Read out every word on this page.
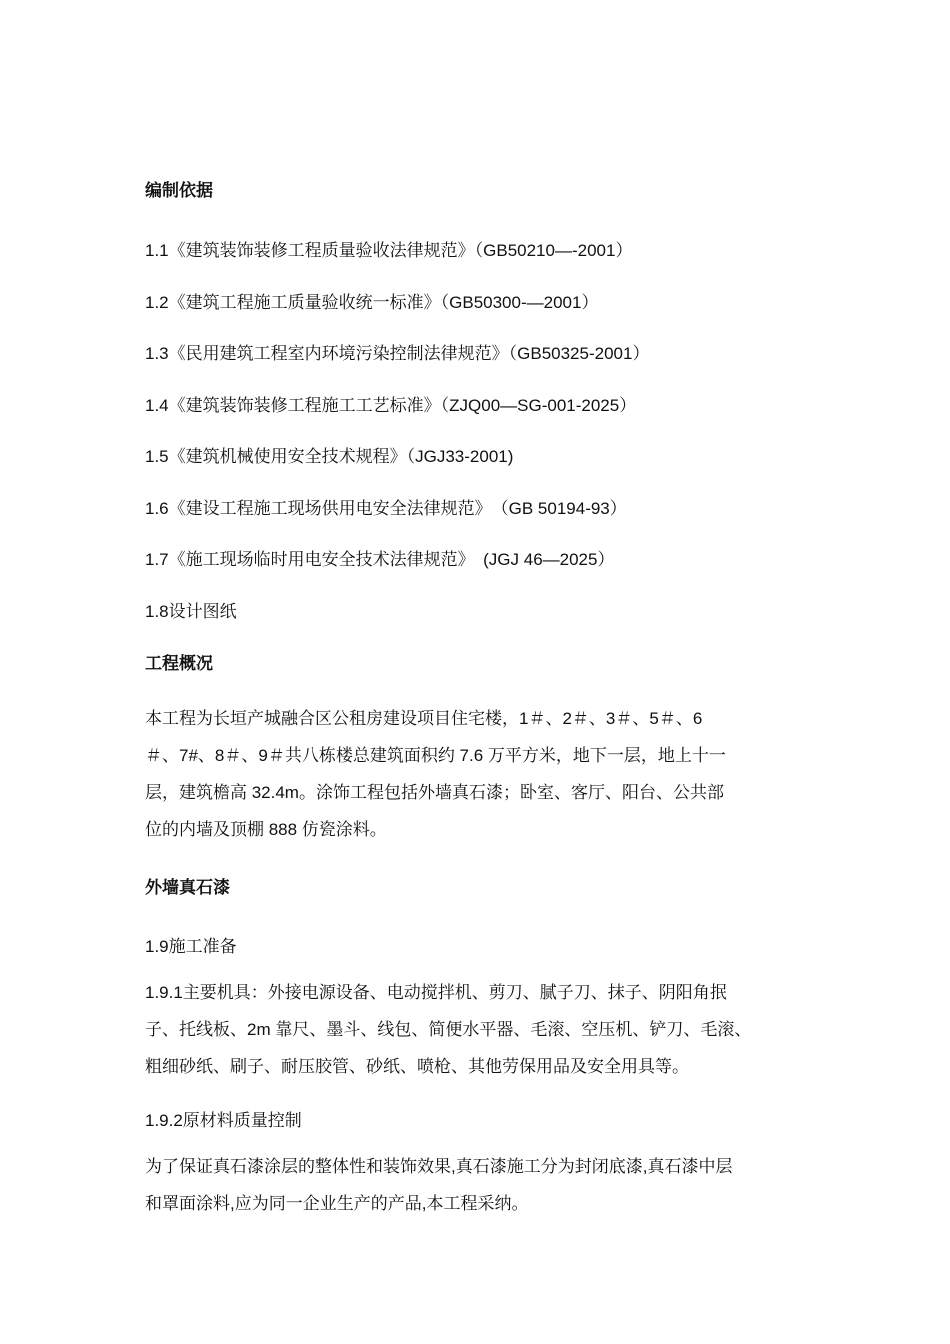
编制依据
1.1《建筑装饰装修工程质量验收法律规范》（GB50210—-2001）
1.2《建筑工程施工质量验收统一标准》（GB50300-—2001）
1.3《民用建筑工程室内环境污染控制法律规范》（GB50325-2001）
1.4《建筑装饰装修工程施工工艺标准》（ZJQ00—SG-001-2025）
1.5《建筑机械使用安全技术规程》（JGJ33-2001)
1.6《建设工程施工现场供用电安全法律规范》　（GB 50194-93）
1.7《施工现场临时用电安全技术法律规范》　(JGJ 46—2025）
1.8设计图纸
工程概况
本工程为长垣产城融合区公租房建设项目住宅楼，1＃、2＃、3＃、5＃、6
＃、7#、8＃、9＃共八栋楼总建筑面积约 7.6 万平方米，地下一层，地上十一
层，建筑檐高 32.4m。涂饰工程包括外墙真石漆；卧室、客厅、阳台、公共部
位的内墙及顶棚 888 仿瓷涂料。
外墙真石漆
1.9施工准备
1.9.1主要机具：外接电源设备、电动搅拌机、剪刀、腻子刀、抹子、阴阳角抿
子、托线板、2m 靠尺、墨斗、线包、简便水平器、毛滚、空压机、铲刀、毛滚、
粗细砂纸、刷子、耐压胶管、砂纸、喷枪、其他劳保用品及安全用具等。
1.9.2原材料质量控制
为了保证真石漆涂层的整体性和装饰效果,真石漆施工分为封闭底漆,真石漆中层
和罩面涂料,应为同一企业生产的产品,本工程采纳。
